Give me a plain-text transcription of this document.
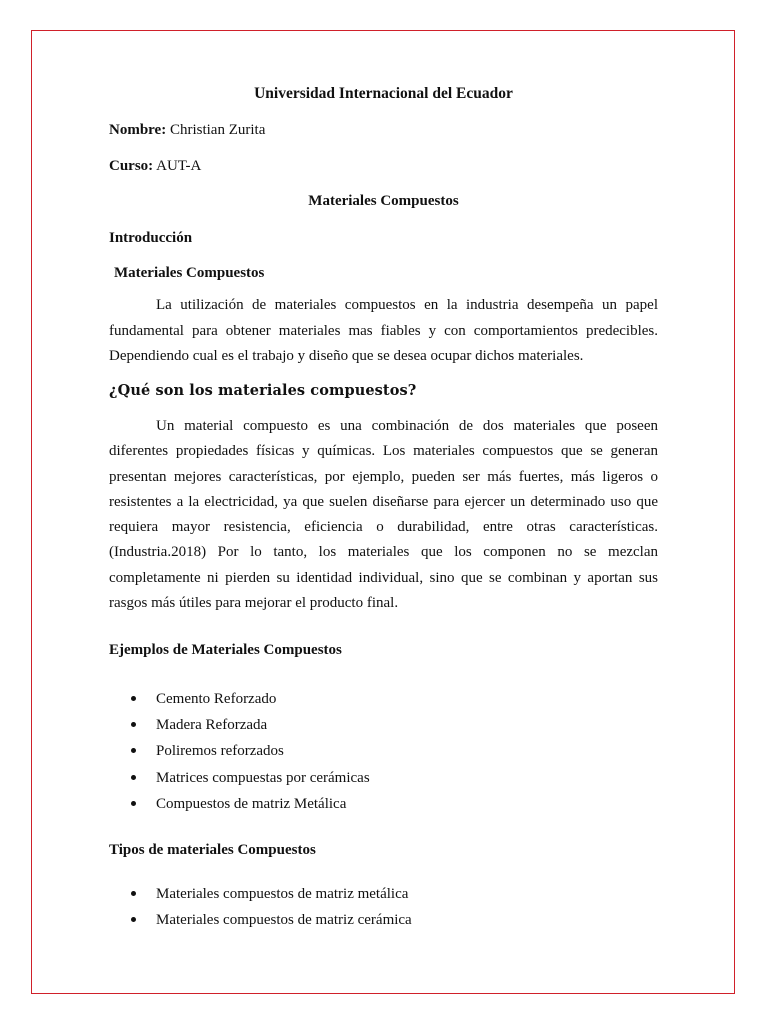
Universidad Internacional del Ecuador
Nombre: Christian Zurita
Curso: AUT-A
Materiales Compuestos
Introducción
Materiales Compuestos

La utilización de materiales compuestos en la industria desempeña un papel fundamental para obtener materiales mas fiables y con comportamientos predecibles. Dependiendo cual es el trabajo y diseño que se desea ocupar dichos materiales.

¿Qué son los materiales compuestos?

Un material compuesto es una combinación de dos materiales que poseen diferentes propiedades físicas y químicas. Los materiales compuestos que se generan presentan mejores características, por ejemplo, pueden ser más fuertes, más ligeros o resistentes a la electricidad, ya que suelen diseñarse para ejercer un determinado uso que requiera mayor resistencia, eficiencia o durabilidad, entre otras características. (Industria.2018) Por lo tanto, los materiales que los componen no se mezclan completamente ni pierden su identidad individual, sino que se combinan y aportan sus rasgos más útiles para mejorar el producto final.

Ejemplos de Materiales Compuestos
Cemento Reforzado
Madera Reforzada
Poliremos reforzados
Matrices compuestas por cerámicas
Compuestos de matriz Metálica
Tipos de materiales Compuestos
Materiales compuestos de matriz metálica
Materiales compuestos de matriz cerámica
